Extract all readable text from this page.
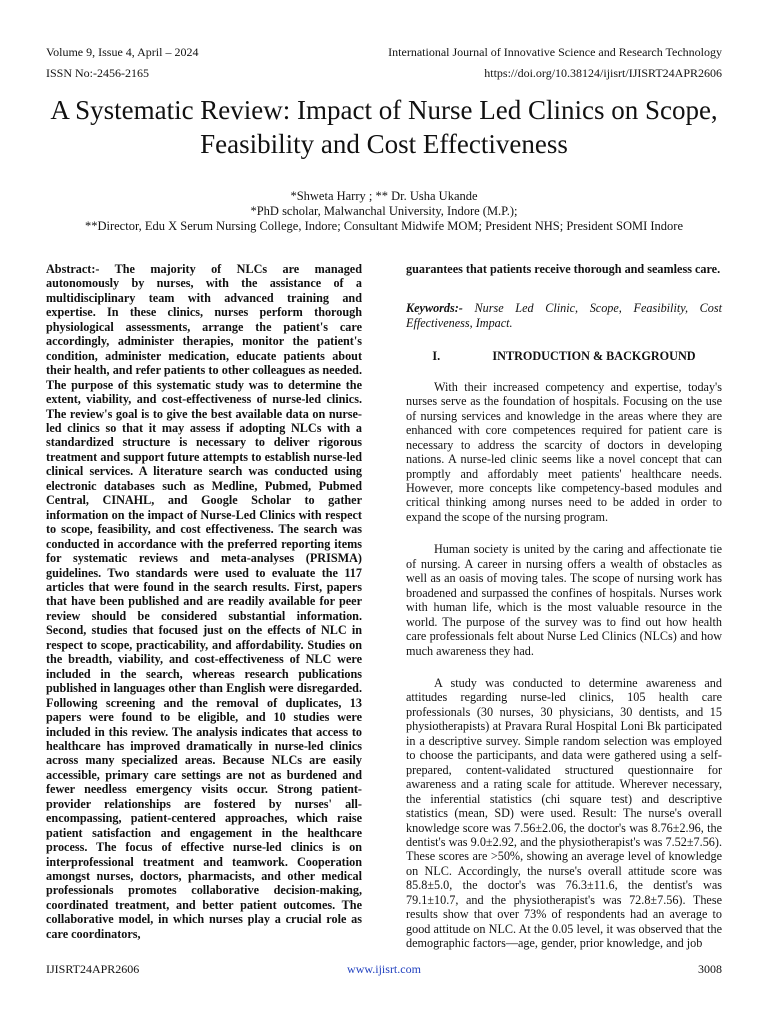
Volume 9, Issue 4, April – 2024	International Journal of Innovative Science and Research Technology
ISSN No:-2456-2165	https://doi.org/10.38124/ijisrt/IJISRT24APR2606
A Systematic Review: Impact of Nurse Led Clinics on Scope, Feasibility and Cost Effectiveness
*Shweta Harry ; ** Dr. Usha Ukande
*PhD scholar, Malwanchal University, Indore (M.P.);
**Director, Edu X Serum Nursing College, Indore; Consultant Midwife MOM; President NHS; President SOMI Indore

Abstract:- The majority of NLCs are managed autonomously by nurses, with the assistance of a multidisciplinary team with advanced training and expertise. In these clinics, nurses perform thorough physiological assessments, arrange the patient's care accordingly, administer therapies, monitor the patient's condition, administer medication, educate patients about their health, and refer patients to other colleagues as needed. The purpose of this systematic study was to determine the extent, viability, and cost-effectiveness of nurse-led clinics. The review's goal is to give the best available data on nurse-led clinics so that it may assess if adopting NLCs with a standardized structure is necessary to deliver rigorous treatment and support future attempts to establish nurse-led clinical services. A literature search was conducted using electronic databases such as Medline, Pubmed, Pubmed Central, CINAHL, and Google Scholar to gather information on the impact of Nurse-Led Clinics with respect to scope, feasibility, and cost effectiveness. The search was conducted in accordance with the preferred reporting items for systematic reviews and meta-analyses (PRISMA) guidelines. Two standards were used to evaluate the 117 articles that were found in the search results. First, papers that have been published and are readily available for peer review should be considered substantial information. Second, studies that focused just on the effects of NLC in respect to scope, practicability, and affordability. Studies on the breadth, viability, and cost-effectiveness of NLC were included in the search, whereas research publications published in languages other than English were disregarded. Following screening and the removal of duplicates, 13 papers were found to be eligible, and 10 studies were included in this review. The analysis indicates that access to healthcare has improved dramatically in nurse-led clinics across many specialized areas. Because NLCs are easily accessible, primary care settings are not as burdened and fewer needless emergency visits occur. Strong patient-provider relationships are fostered by nurses' all-encompassing, patient-centered approaches, which raise patient satisfaction and engagement in the healthcare process. The focus of effective nurse-led clinics is on interprofessional treatment and teamwork. Cooperation amongst nurses, doctors, pharmacists, and other medical professionals promotes collaborative decision-making, coordinated treatment, and better patient outcomes. The collaborative model, in which nurses play a crucial role as care coordinators,

guarantees that patients receive thorough and seamless care.

Keywords:- Nurse Led Clinic, Scope, Feasibility, Cost Effectiveness, Impact.

I.	INTRODUCTION & BACKGROUND

With their increased competency and expertise, today's nurses serve as the foundation of hospitals. Focusing on the use of nursing services and knowledge in the areas where they are enhanced with core competences required for patient care is necessary to address the scarcity of doctors in developing nations. A nurse-led clinic seems like a novel concept that can promptly and affordably meet patients' healthcare needs. However, more concepts like competency-based modules and critical thinking among nurses need to be added in order to expand the scope of the nursing program.

Human society is united by the caring and affectionate tie of nursing. A career in nursing offers a wealth of obstacles as well as an oasis of moving tales. The scope of nursing work has broadened and surpassed the confines of hospitals. Nurses work with human life, which is the most valuable resource in the world. The purpose of the survey was to find out how health care professionals felt about Nurse Led Clinics (NLCs) and how much awareness they had.

A study was conducted to determine awareness and attitudes regarding nurse-led clinics, 105 health care professionals (30 nurses, 30 physicians, 30 dentists, and 15 physiotherapists) at Pravara Rural Hospital Loni Bk participated in a descriptive survey. Simple random selection was employed to choose the participants, and data were gathered using a self-prepared, content-validated structured questionnaire for awareness and a rating scale for attitude. Wherever necessary, the inferential statistics (chi square test) and descriptive statistics (mean, SD) were used. Result: The nurse's overall knowledge score was 7.56±2.06, the doctor's was 8.76±2.96, the dentist's was 9.0±2.92, and the physiotherapist's was 7.52±7.56). These scores are >50%, showing an average level of knowledge on NLC. Accordingly, the nurse's overall attitude score was 85.8±5.0, the doctor's was 76.3±11.6, the dentist's was 79.1±10.7, and the physiotherapist's was 72.8±7.56). These results show that over 73% of respondents had an average to good attitude on NLC. At the 0.05 level, it was observed that the demographic factors—age, gender, prior knowledge, and job

IJISRT24APR2606	www.ijisrt.com	3008
